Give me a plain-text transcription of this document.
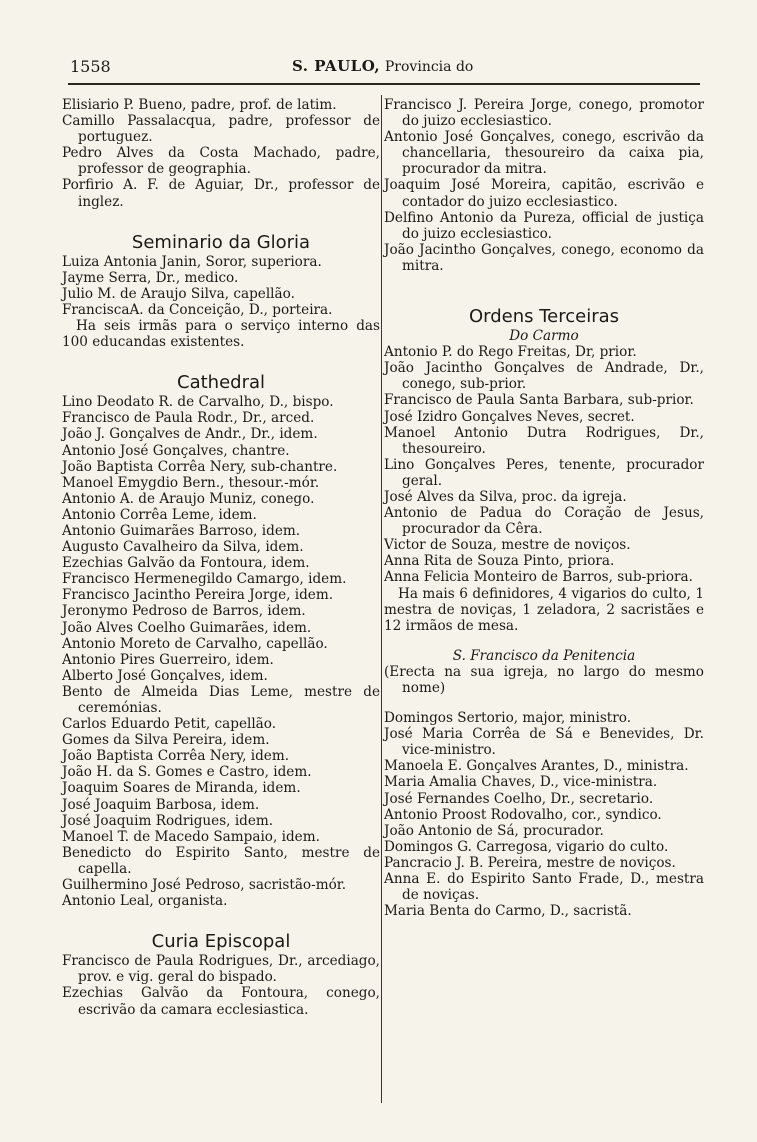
1558	S. PAULO, Provincia do

Elisiario P. Bueno, padre, prof. de latim.

Camillo Passalacqua, padre, professor de portuguez.

Pedro Alves da Costa Machado, padre, professor de geographia.

Porfirio A. F. de Aguiar, Dr., professor de inglez.

Seminario da Gloria

Luiza Antonia Janin, Soror, superiora.

Jayme Serra, Dr., medico.

Julio M. de Araujo Silva, capellão.

FranciscaA. da Conceição, D., porteira.

Ha seis irmãs para o serviço interno das 100 educandas existentes.

Cathedral

Lino Deodato R. de Carvalho, D., bispo.

Francisco de Paula Rodr., Dr., arced.

João J. Gonçalves de Andr., Dr., idem.

Antonio José Gonçalves, chantre.

João Baptista Corrêa Nery, sub-chantre.

Manoel Emygdio Bern., thesour.-mór.

Antonio A. de Araujo Muniz, conego.

Antonio Corrêa Leme, idem.

Antonio Guimarães Barroso, idem.

Augusto Cavalheiro da Silva, idem.

Ezechias Galvão da Fontoura, idem.

Francisco Hermenegildo Camargo, idem.

Francisco Jacintho Pereira Jorge, idem.

Jeronymo Pedroso de Barros, idem.

João Alves Coelho Guimarães, idem.

Antonio Moreto de Carvalho, capellão.

Antonio Pires Guerreiro, idem.

Alberto José Gonçalves, idem.

Bento de Almeida Dias Leme, mestre de ceremónias.

Carlos Eduardo Petit, capellão.

Gomes da Silva Pereira, idem.

João Baptista Corrêa Nery, idem.

João H. da S. Gomes e Castro, idem.

Joaquim Soares de Miranda, idem.

José Joaquim Barbosa, idem.

José Joaquim Rodrigues, idem.

Manoel T. de Macedo Sampaio, idem.

Benedicto do Espirito Santo, mestre de capella.

Guilhermino José Pedroso, sacristão-mór.

Antonio Leal, organista.

Curia Episcopal

Francisco de Paula Rodrigues, Dr., arcediago, prov. e vig. geral do bispado.

Ezechias Galvão da Fontoura, conego, escrivão da camara ecclesiastica.

Francisco J. Pereira Jorge, conego, promotor do juizo ecclesiastico.

Antonio José Gonçalves, conego, escrivão da chancellaria, thesoureiro da caixa pia, procurador da mitra.

Joaquim José Moreira, capitão, escrivão e contador do juizo ecclesiastico.

Delfino Antonio da Pureza, official de justiça do juizo ecclesiastico.

João Jacintho Gonçalves, conego, economo da mitra.

Ordens Terceiras

Do Carmo

Antonio P. do Rego Freitas, Dr, prior.

João Jacintho Gonçalves de Andrade, Dr., conego, sub-prior.

Francisco de Paula Santa Barbara, sub-prior.

José Izidro Gonçalves Neves, secret.

Manoel Antonio Dutra Rodrigues, Dr., thesoureiro.

Lino Gonçalves Peres, tenente, procurador geral.

José Alves da Silva, proc. da igreja.

Antonio de Padua do Coração de Jesus, procurador da Cêra.

Victor de Souza, mestre de noviços.

Anna Rita de Souza Pinto, priora.

Anna Felicia Monteiro de Barros, sub-priora.

Ha mais 6 definidores, 4 vigarios do culto, 1 mestra de noviças, 1 zeladora, 2 sacristães e 12 irmãos de mesa.

S. Francisco da Penitencia

(Erecta na sua igreja, no largo do mesmo nome)

Domingos Sertorio, major, ministro.

José Maria Corrêa de Sá e Benevides, Dr. vice-ministro.

Manoela E. Gonçalves Arantes, D., ministra.

Maria Amalia Chaves, D., vice-ministra.

José Fernandes Coelho, Dr., secretario.

Antonio Proost Rodovalho, cor., syndico.

João Antonio de Sá, procurador.

Domingos G. Carregosa, vigario do culto.

Pancracio J. B. Pereira, mestre de noviços.

Anna E. do Espirito Santo Frade, D., mestra de noviças.

Maria Benta do Carmo, D., sacristã.
